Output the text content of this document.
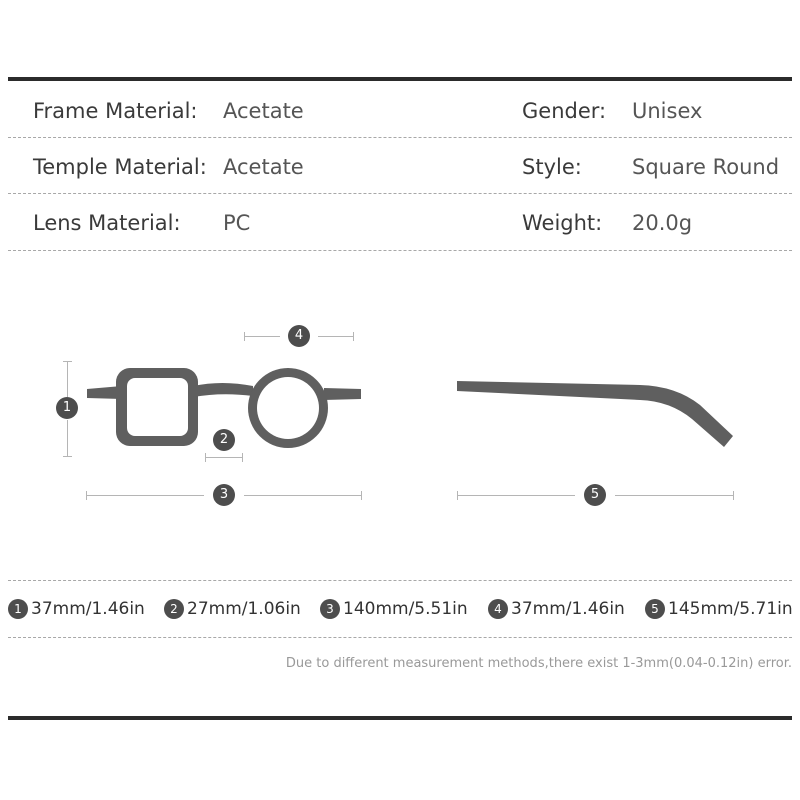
Frame Material: Acetate	Gender: Unisex
Temple Material: Acetate	Style: Square Round
Lens Material: PC	Weight: 20.0g
1
2
3
4
5
1 37mm/1.46in	2 27mm/1.06in	3 140mm/5.51in	4 37mm/1.46in	5 145mm/5.71in
Due to different measurement methods,there exist 1-3mm(0.04-0.12in) error.
